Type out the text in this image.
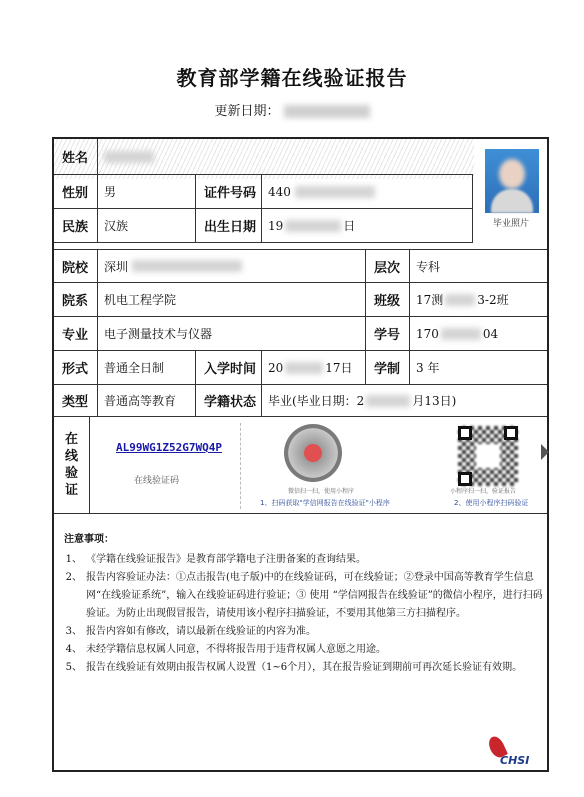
教育部学籍在线验证报告
更新日期：
姓名
性别	男	证件号码 440
民族	汉族	出生日期 19	日	毕业照片
院校	深圳	层次	专科
院系	机电工程学院	班级	17测	3-2班
专业	电子测量技术与仪器	学号	170	04
形式	普通全日制	入学时间 20	17日	学制	3 年
类型	普通高等教育	学籍状态 毕业(毕业日期：2	月13日)
在
线
验
证
AL99WG1Z52G7WQ4P
在线验证码
微信扫一扫，使用小程序
1、扫码获取"学信网报告在线验证"小程序
小程序扫一扫，验证报告
2、使用小程序扫码验证
注意事项：
1、 《学籍在线验证报告》是教育部学籍电子注册备案的查询结果。
2、 报告内容验证办法：①点击报告(电子版)中的在线验证码，可在线验证；②登录中国高等教育学生信息网“在线验证系统”，输入在线验证码进行验证；③ 使用 “学信网报告在线验证”的微信小程序，进行扫码验证。为防止出现假冒报告，请使用该小程序扫描验证，不要用其他第三方扫描程序。
3、 报告内容如有修改，请以最新在线验证的内容为准。
4、 未经学籍信息权属人同意，不得将报告用于违背权属人意愿之用途。
5、 报告在线验证有效期由报告权属人设置（1~6个月），其在报告验证到期前可再次延长验证有效期。
CHSI
